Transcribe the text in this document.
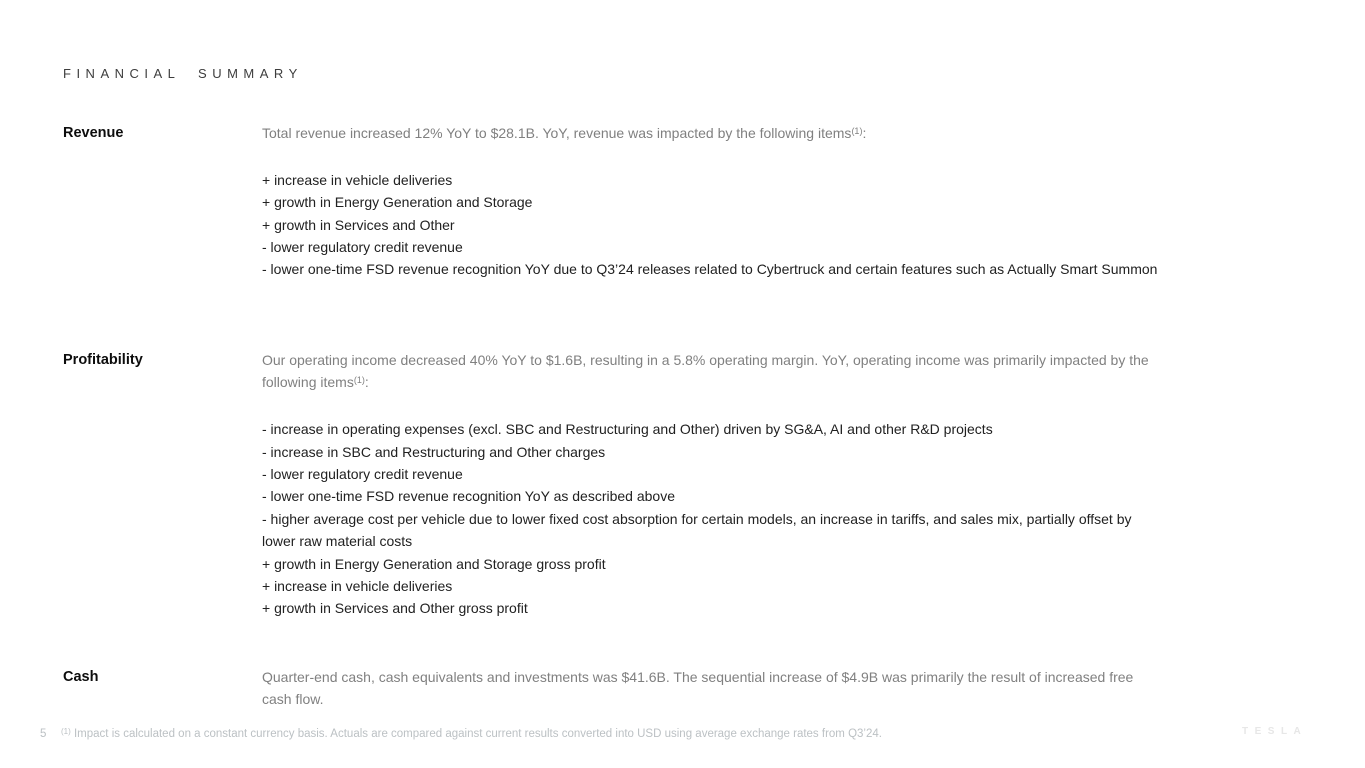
FINANCIAL SUMMARY
Revenue	Total revenue increased 12% YoY to $28.1B. YoY, revenue was impacted by the following items$^{(1)}$:
+ increase in vehicle deliveries
+ growth in Energy Generation and Storage
+ growth in Services and Other
- lower regulatory credit revenue
- lower one-time FSD revenue recognition YoY due to Q3’24 releases related to Cybertruck and certain features such as Actually Smart Summon
Profitability	Our operating income decreased 40% YoY to $1.6B, resulting in a 5.8% operating margin. YoY, operating income was primarily impacted by the following items$^{(1)}$:
- increase in operating expenses (excl. SBC and Restructuring and Other) driven by SG&A, AI and other R&D projects
- increase in SBC and Restructuring and Other charges
- lower regulatory credit revenue
- lower one-time FSD revenue recognition YoY as described above
- higher average cost per vehicle due to lower fixed cost absorption for certain models, an increase in tariffs, and sales mix, partially offset by lower raw material costs
+ growth in Energy Generation and Storage gross profit
+ increase in vehicle deliveries
+ growth in Services and Other gross profit
Cash	Quarter-end cash, cash equivalents and investments was $41.6B. The sequential increase of $4.9B was primarily the result of increased free cash flow.
5 $^{(1)}$ Impact is calculated on a constant currency basis. Actuals are compared against current results converted into USD using average exchange rates from Q3’24.	TESLA
